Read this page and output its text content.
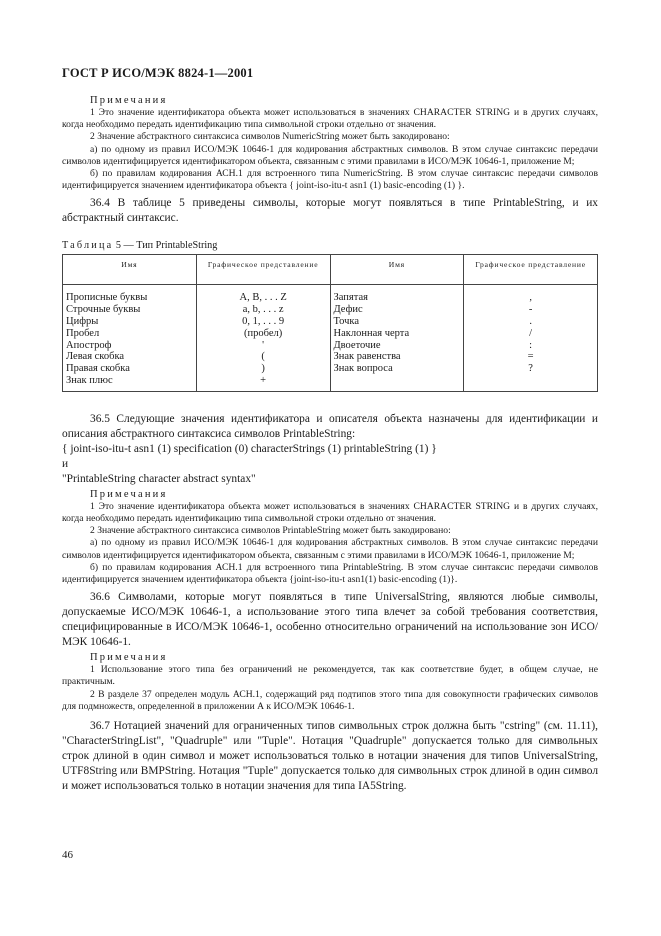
ГОСТ Р ИСО/МЭК 8824-1—2001
Примечания

1 Это значение идентификатора объекта может использоваться в значениях CHARACTER STRING и в других случаях, когда необходимо передать идентификацию типа символьной строки отдельно от значения.

2 Значение абстрактного синтаксиса символов NumericString может быть закодировано:

а) по одному из правил ИСО/МЭК 10646-1 для кодирования абстрактных символов. В этом случае синтаксис передачи символов идентифицируется идентификатором объекта, связанным с этими правилами в ИСО/МЭК 10646-1, приложение М;

б) по правилам кодирования АСН.1 для встроенного типа NumericString. В этом случае синтаксис передачи символов идентифицируется значением идентификатора объекта { joint-iso-itu-t asn1 (1) basic-encoding (1) }.

36.4 В таблице 5 приведены символы, которые могут появляться в типе PrintableString, и их абстрактный синтаксис.

Таблица 5 — Тип PrintableString
Имя	Графическое представление	Имя	Графическое представление
Прописные буквы	A, B, . . . Z	Запятая	,
Строчные буквы	a, b, . . . z	Дефис	-
Цифры	0, 1, . . . 9	Точка	.
Пробел	(пробел)	Наклонная черта	/
Апостроф	'	Двоеточие	:
Левая скобка	(	Знак равенства	=
Правая скобка	)	Знак вопроса	?
Знак плюс	+		

36.5 Следующие значения идентификатора и описателя объекта назначены для идентификации и описания абстрактного синтаксиса символов PrintableString:

{ joint-iso-itu-t asn1 (1) specification (0) characterStrings (1) printableString (1) }

и

"PrintableString character abstract syntax"

Примечания

1 Это значение идентификатора объекта может использоваться в значениях CHARACTER STRING и в других случаях, когда необходимо передать идентификацию типа символьной строки отдельно от значения.

2 Значение абстрактного синтаксиса символов PrintableString может быть закодировано:

а) по одному из правил ИСО/МЭК 10646-1 для кодирования абстрактных символов. В этом случае синтаксис передачи символов идентифицируется идентификатором объекта, связанным с этими правилами в ИСО/МЭК 10646-1, приложение М;

б) по правилам кодирования АСН.1 для встроенного типа PrintableString. В этом случае синтаксис передачи символов идентифицируется значением идентификатора объекта {joint-iso-itu-t asn1(1) basic-encoding (1)}.

36.6 Символами, которые могут появляться в типе UniversalString, являются любые символы, допускаемые ИСО/МЭК 10646-1, а использование этого типа влечет за собой требования соответствия, специфицированные в ИСО/МЭК 10646-1, особенно относительно ограничений на использование зон ИСО/МЭК 10646-1.

Примечания

1 Использование этого типа без ограничений не рекомендуется, так как соответствие будет, в общем случае, не практичным.

2 В разделе 37 определен модуль АСН.1, содержащий ряд подтипов этого типа для совокупности графических символов для подмножеств, определенной в приложении А к ИСО/МЭК 10646-1.

36.7 Нотацией значений для ограниченных типов символьных строк должна быть "cstring" (см. 11.11), "CharacterStringList", "Quadruple" или "Tuple". Нотация "Quadruple" допускается только для символьных строк длиной в один символ и может использоваться только в нотации значения для типов UniversalString, UTF8String или BMPString. Нотация "Tuple" допускается только для символьных строк длиной в один символ и может использоваться только в нотации значения для типа IA5String.

46
